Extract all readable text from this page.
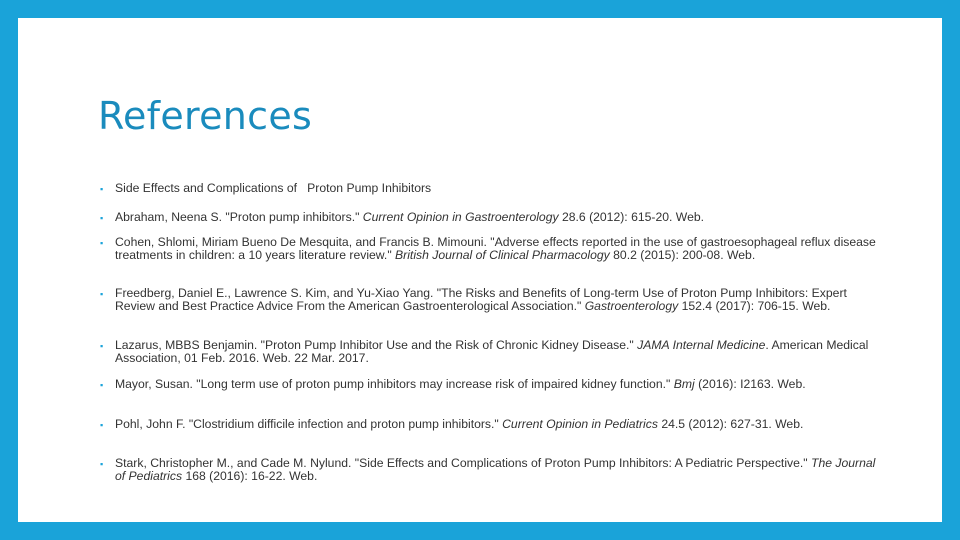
References
▪ Side Effects and Complications of   Proton Pump Inhibitors
▪ Abraham, Neena S. "Proton pump inhibitors." Current Opinion in Gastroenterology 28.6 (2012): 615-20. Web.
▪ Cohen, Shlomi, Miriam Bueno De Mesquita, and Francis B. Mimouni. "Adverse effects reported in the use of gastroesophageal reflux disease treatments in children: a 10 years literature review." British Journal of Clinical Pharmacology 80.2 (2015): 200-08. Web.
▪ Freedberg, Daniel E., Lawrence S. Kim, and Yu-Xiao Yang. "The Risks and Benefits of Long-term Use of Proton Pump Inhibitors: Expert Review and Best Practice Advice From the American Gastroenterological Association." Gastroenterology 152.4 (2017): 706-15. Web.
▪ Lazarus, MBBS Benjamin. "Proton Pump Inhibitor Use and the Risk of Chronic Kidney Disease." JAMA Internal Medicine. American Medical Association, 01 Feb. 2016. Web. 22 Mar. 2017.
▪ Mayor, Susan. "Long term use of proton pump inhibitors may increase risk of impaired kidney function." Bmj (2016): I2163. Web.
▪ Pohl, John F. "Clostridium difficile infection and proton pump inhibitors." Current Opinion in Pediatrics 24.5 (2012): 627-31. Web.
▪ Stark, Christopher M., and Cade M. Nylund. "Side Effects and Complications of Proton Pump Inhibitors: A Pediatric Perspective." The Journal of Pediatrics 168 (2016): 16-22. Web.
